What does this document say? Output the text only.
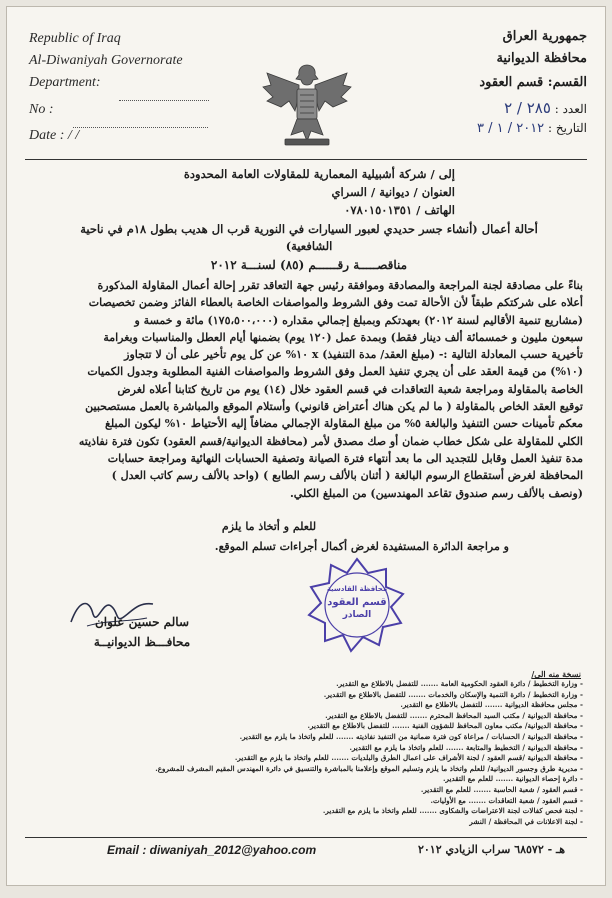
Republic of Iraq
Al-Diwaniyah Governorate
Department:
No :
Date : / /
جمهورية العراق
محافظة الديوانية
القسم: قسم العقود
العدد : ٢٨٥ / ٢
التاريخ : ٢٠١٢ / ١ / ٣
إلى / شركة أشبيلية المعمارية للمقاولات العامة المحدودة
العنوان / ديوانية / السراي
الهاتف / ٠٧٨٠١٥٠١٣٥١
أحالة أعمال (أنشاء جسر حديدي لعبور السيارات في النورية قرب ال هديب بطول ١٨م في ناحية
الشافعية)
مناقصـــــة رقــــــم (٨٥) لسنـــة ٢٠١٢
بناءً على مصادقة لجنة المراجعة والمصادقة وموافقة رئيس جهة التعاقد تقرر إحالة أعمال المقاولة المذكورة
أعلاه على شركتكم طبقاً لأن الأحالة تمت وفق الشروط والمواصفات الخاصة بالعطاء الفائز وضمن تخصيصات
(مشاريع تنمية الأقاليم لسنة ٢٠١٢) بعهدتكم وبمبلغ إجمالي مقداره (١٧٥،٥٠٠،٠٠٠) مائة و خمسة و
سبعون مليون و خمسمائة ألف دينار فقط) وبمدة عمل (١٢٠ يوم) بضمنها أيام العطل والمناسبات وبغرامة
تأخيرية حسب المعادلة التالية :- (مبلغ العقد/ مدة التنفيذ) x ١٠% عن كل يوم تأخير على أن لا تتجاوز
(١٠%) من قيمة العقد على أن يجري تنفيذ العمل وفق الشروط والمواصفات الفنية المطلوبة وجدول الكميات
الخاصة بالمقاولة ومراجعة شعبة التعاقدات في قسم العقود خلال (١٤) يوم من تاريخ كتابنا أعلاه لغرض
توقيع العقد الخاص بالمقاولة ( ما لم يكن هناك أعتراض قانوني) وأستلام الموقع والمباشرة بالعمل مستصحبين
معكم تأمينات حسن التنفيذ والبالغة ٥% من مبلغ المقاولة الإجمالي مضافاً إليه الأحتياط ١٠% ليكون المبلغ
الكلي للمقاولة على شكل خطاب ضمان أو صك مصدق لأمر (محافظة الديوانية/قسم العقود) تكون فترة نفاذيته
مدة تنفيذ العمل وقابل للتجديد الى ما بعد أنتهاء فترة الصيانة وتصفية الحسابات النهائية ومراجعة حسابات
المحافظة لغرض أستقطاع الرسوم البالغة ( أثنان بالألف رسم الطابع ) (واحد بالألف رسم كاتب العدل )
(ونصف بالألف رسم صندوق تقاعد المهندسين) من المبلغ الكلي.
للعلم و أتخاذ ما يلزم
و مراجعة الدائرة المستفيدة لغرض أكمال أجراءات تسلم الموقع.
محافظة القادسية
قسم العقود
الصادر
سالم حسين علوان
محافـــظ الديوانيــة
نسخة منه الى/
- وزارة التخطيط / دائرة العقود الحكومية العامة ....... للتفضل بالاطلاع مع التقدير.
- وزارة التخطيط / دائرة التنمية والإسكان والخدمات ....... للتفضل بالاطلاع مع التقدير.
- مجلس محافظة الديوانية ....... للتفضل بالاطلاع مع التقدير.
- محافظة الديوانية / مكتب السيد المحافظ المحترم ....... للتفضل بالاطلاع مع التقدير.
- محافظة الديوانية/ مكتب معاون المحافظ للشؤون الفنية ....... للتفضل بالاطلاع مع التقدير.
- محافظة الديوانية / الحسابات / مراعاة كون فترة ضمانية من التنفيذ نفاذيته ....... للعلم واتخاذ ما يلزم مع التقدير.
- محافظة الديوانية / التخطيط والمتابعة ....... للعلم واتخاذ ما يلزم مع التقدير.
- محافظة الديوانية /قسم العقود / لجنة الأشراف على اعمال الطرق والبلديات ....... للعلم واتخاذ ما يلزم مع التقدير.
- مديرية طرق وجسور الديوانية/ للعلم واتخاذ ما يلزم وتسليم الموقع وإعلامنا بالمباشرة والتنسيق في دائرة المهندس المقيم المشرف للمشروع.
- دائرة إحصاء الديوانية ....... للعلم مع التقدير.
- قسم العقود / شعبة الحاسبة ....... للعلم مع التقدير.
- قسم العقود / شعبة التعاقدات ....... مع الأوليات.
- لجنة فحص كفالات لجنة الاعتراضات والشكاوى ....... للعلم واتخاذ ما يلزم مع التقدير.
- لجنة الاعلانات في المحافظة / النشر
Email : diwaniyah_2012@yahoo.com	هـ - ٦٨٥٧٢ سراب الزيادي ٢٠١٢
